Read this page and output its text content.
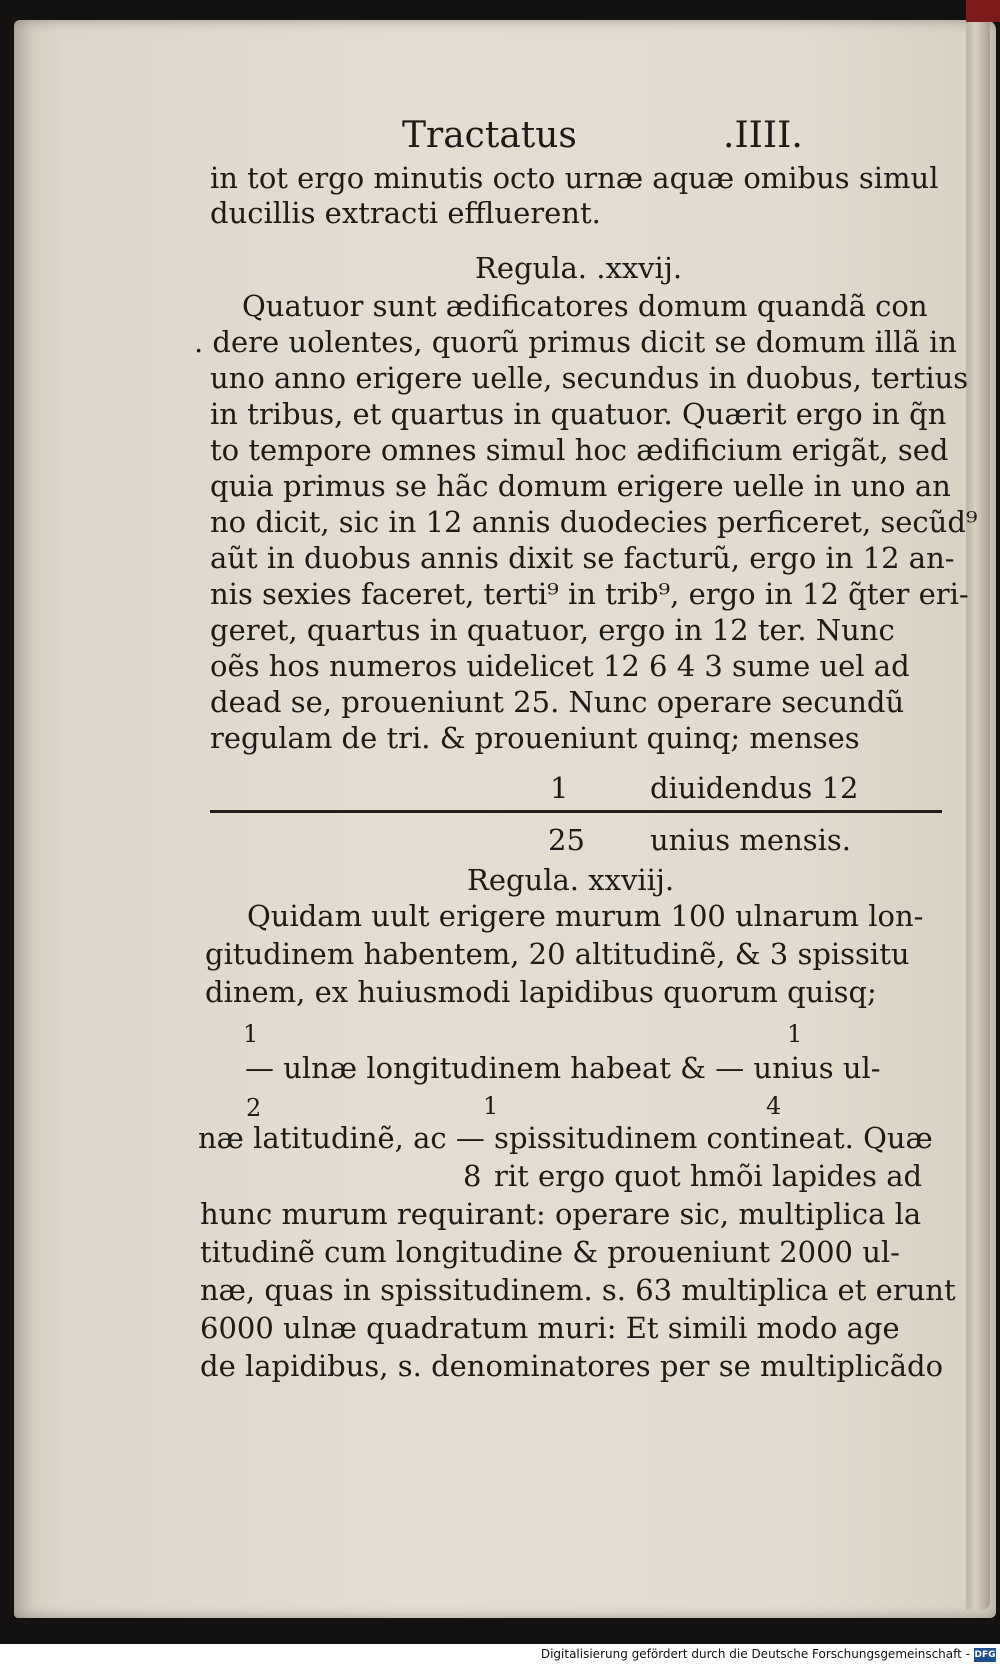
Tractatus	.IIII.
in tot ergo minutis octo urnæ aquæ omibus simul
ducillis extracti effluerent.
Regula. .xxvij.
Quatuor sunt ædificatores domum quandã con
. dere uolentes, quorũ primus dicit se domum illã in
uno anno erigere uelle, secundus in duobus, tertius
in tribus, et quartus in quatuor. Quærit ergo in q̃n
to tempore omnes simul hoc ædificium erigãt, sed
quia primus se hãc domum erigere uelle in uno an
no dicit, sic in 12 annis duodecies perficeret, secũd⁹
aũt in duobus annis dixit se facturũ, ergo in 12 an-
nis sexies faceret, terti⁹ in trib⁹, ergo in 12 q̃ter eri-
geret, quartus in quatuor, ergo in 12 ter. Nunc
oẽs hos numeros uidelicet 12 6 4 3 sume uel ad
dead se, proueniunt 25. Nunc operare secundũ
regulam de tri. & proueniunt quinq; menses
1	diuidendus 12
25 unius mensis.
Regula. xxviij.
Quidam uult erigere murum 100 ulnarum lon-
gitudinem habentem, 20 altitudinẽ, & 3 spissitu
dinem, ex huiusmodi lapidibus quorum quisq;
1	1
— ulnæ longitudinem habeat & — unius ul-
2	1	4
næ latitudinẽ, ac — spissitudinem contineat. Quæ
8 rit ergo quot hmõi lapides ad
hunc murum requirant: operare sic, multiplica la
titudinẽ cum longitudine & proueniunt 2000 ul-
næ, quas in spissitudinem. s. 63 multiplica et erunt
6000 ulnæ quadratum muri: Et simili modo age
de lapidibus, s. denominatores per se multiplicãdo
Digitalisierung gefördert durch die Deutsche Forschungsgemeinschaft - DFG
